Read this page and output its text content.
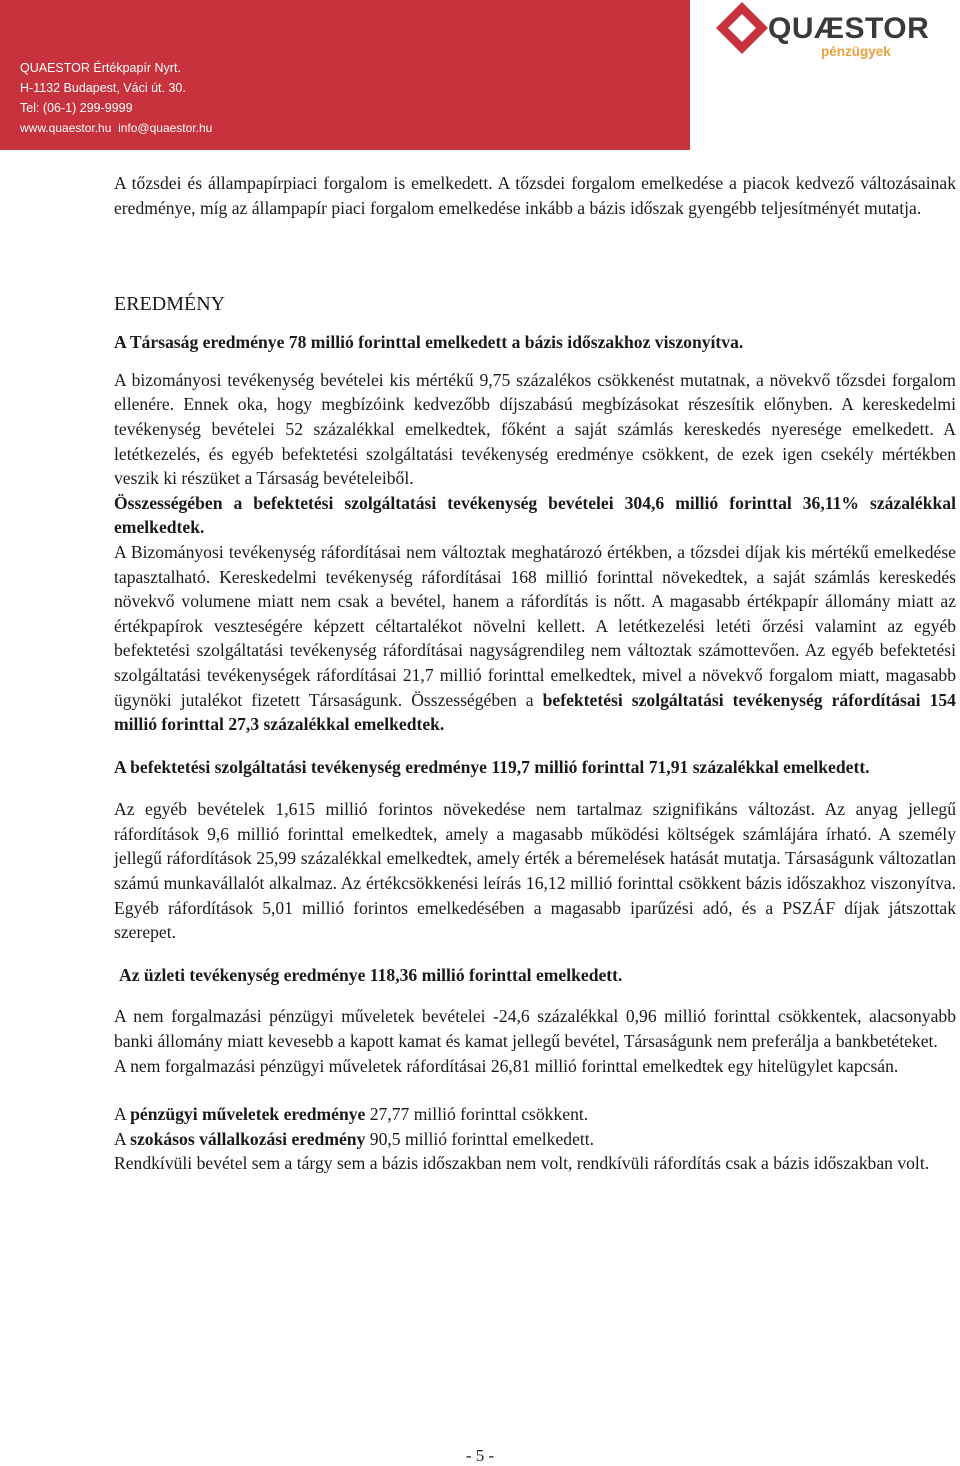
QUAESTOR Értékpapír Nyrt.
H-1132 Budapest, Váci út. 30.
Tel: (06-1) 299-9999
www.quaestor.hu info@quaestor.hu
QUÆSTOR
pénzügyek

A tőzsdei és állampapírpiaci forgalom is emelkedett. A tőzsdei forgalom emelkedése a piacok kedvező változásainak eredménye, míg az állampapír piaci forgalom emelkedése inkább a bázis időszak gyengébb teljesítményét mutatja.

EREDMÉNY

A Társaság eredménye 78 millió forinttal emelkedett a bázis időszakhoz viszonyítva.

A bizományosi tevékenység bevételei kis mértékű 9,75 százalékos csökkenést mutatnak, a növekvő tőzsdei forgalom ellenére. Ennek oka, hogy megbízóink kedvezőbb díjszabású megbízásokat részesítik előnyben. A kereskedelmi tevékenység bevételei 52 százalékkal emelkedtek, főként a saját számlás kereskedés nyeresége emelkedett. A letétkezelés, és egyéb befektetési szolgáltatási tevékenység eredménye csökkent, de ezek igen csekély mértékben veszik ki részüket a Társaság bevételeiből.

Összességében a befektetési szolgáltatási tevékenység bevételei 304,6 millió forinttal 36,11% százalékkal emelkedtek.

A Bizományosi tevékenység ráfordításai nem változtak meghatározó értékben, a tőzsdei díjak kis mértékű emelkedése tapasztalható. Kereskedelmi tevékenység ráfordításai 168 millió forinttal növekedtek, a saját számlás kereskedés növekvő volumene miatt nem csak a bevétel, hanem a ráfordítás is nőtt. A magasabb értékpapír állomány miatt az értékpapírok veszteségére képzett céltartalékot növelni kellett. A letétkezelési letéti őrzési valamint az egyéb befektetési szolgáltatási tevékenység ráfordításai nagyságrendileg nem változtak számottevően. Az egyéb befektetési szolgáltatási tevékenységek ráfordításai 21,7 millió forinttal emelkedtek, mivel a növekvő forgalom miatt, magasabb ügynöki jutalékot fizetett Társaságunk. Összességében a befektetési szolgáltatási tevékenység ráfordításai 154 millió forinttal 27,3 százalékkal emelkedtek.

A befektetési szolgáltatási tevékenység eredménye 119,7 millió forinttal 71,91 százalékkal emelkedett.

Az egyéb bevételek 1,615 millió forintos növekedése nem tartalmaz szignifikáns változást. Az anyag jellegű ráfordítások 9,6 millió forinttal emelkedtek, amely a magasabb működési költségek számlájára írható. A személy jellegű ráfordítások 25,99 százalékkal emelkedtek, amely érték a béremelések hatását mutatja. Társaságunk változatlan számú munkavállalót alkalmaz. Az értékcsökkenési leírás 16,12 millió forinttal csökkent bázis időszakhoz viszonyítva. Egyéb ráfordítások 5,01 millió forintos emelkedésében a magasabb iparűzési adó, és a PSZÁF díjak játszottak szerepet.

Az üzleti tevékenység eredménye 118,36 millió forinttal emelkedett.

A nem forgalmazási pénzügyi műveletek bevételei -24,6 százalékkal 0,96 millió forinttal csökkentek, alacsonyabb banki állomány miatt kevesebb a kapott kamat és kamat jellegű bevétel, Társaságunk nem preferálja a bankbetéteket.

A nem forgalmazási pénzügyi műveletek ráfordításai 26,81 millió forinttal emelkedtek egy hitelügylet kapcsán.

A pénzügyi műveletek eredménye 27,77 millió forinttal csökkent.

A szokásos vállalkozási eredmény 90,5 millió forinttal emelkedett.

Rendkívüli bevétel sem a tárgy sem a bázis időszakban nem volt, rendkívüli ráfordítás csak a bázis időszakban volt.

- 5 -
